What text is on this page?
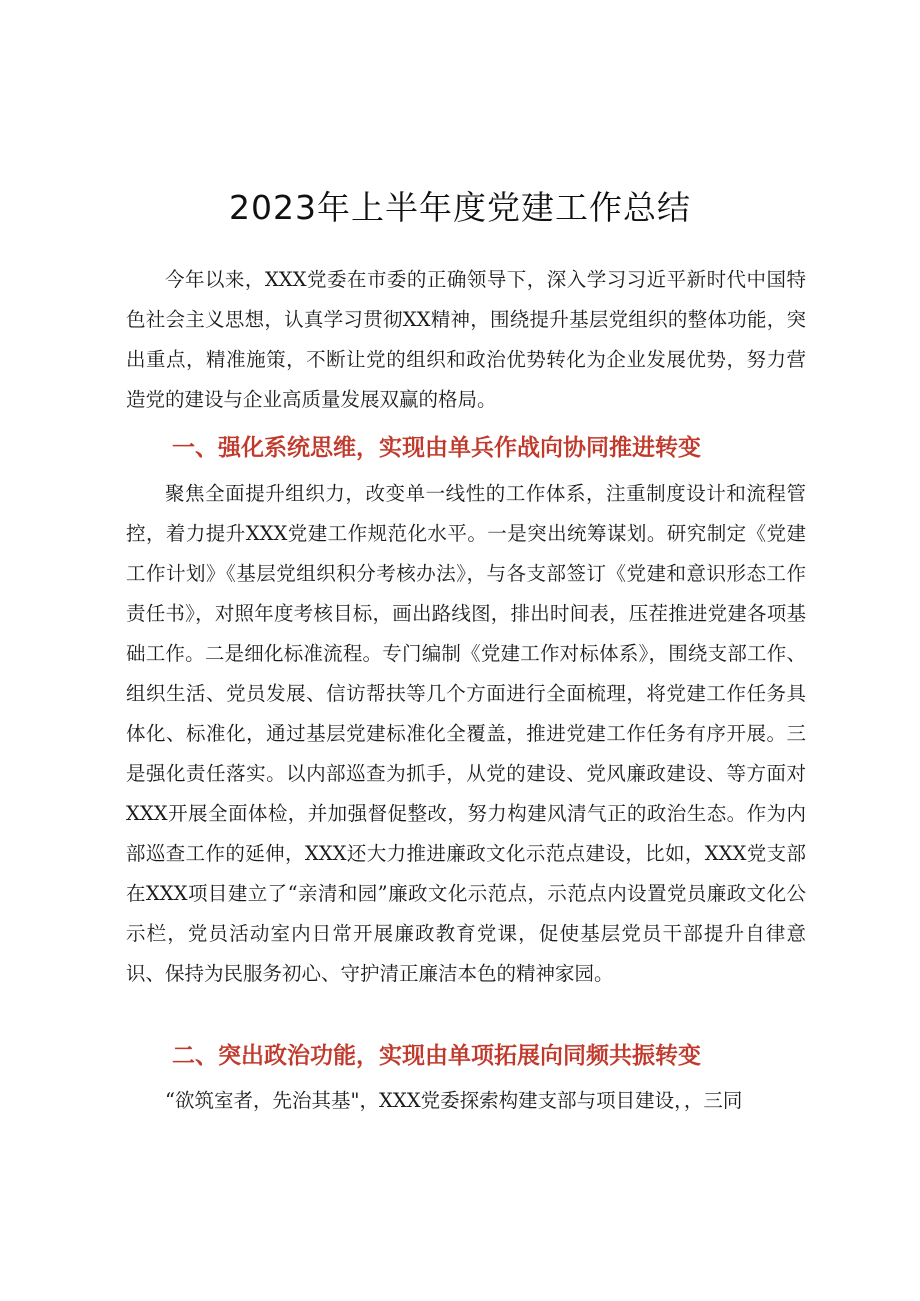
2023年上半年度党建工作总结

今年以来，XXX党委在市委的正确领导下，深入学习习近平新时代中国特色社会主义思想，认真学习贯彻XX精神，围绕提升基层党组织的整体功能，突出重点，精准施策，不断让党的组织和政治优势转化为企业发展优势，努力营造党的建设与企业高质量发展双赢的格局。

一、强化系统思维，实现由单兵作战向协同推进转变

聚焦全面提升组织力，改变单一线性的工作体系，注重制度设计和流程管控，着力提升XXX党建工作规范化水平。一是突出统筹谋划。研究制定《党建工作计划》《基层党组织积分考核办法》，与各支部签订《党建和意识形态工作责任书》，对照年度考核目标，画出路线图，排出时间表，压茬推进党建各项基础工作。二是细化标准流程。专门编制《党建工作对标体系》，围绕支部工作、组织生活、党员发展、信访帮扶等几个方面进行全面梳理，将党建工作任务具体化、标准化，通过基层党建标准化全覆盖，推进党建工作任务有序开展。三是强化责任落实。以内部巡查为抓手，从党的建设、党风廉政建设、等方面对XXX开展全面体检，并加强督促整改，努力构建风清气正的政治生态。作为内部巡查工作的延伸，XXX还大力推进廉政文化示范点建设，比如，XXX党支部在XXX项目建立了“亲清和园”廉政文化示范点，示范点内设置党员廉政文化公示栏，党员活动室内日常开展廉政教育党课，促使基层党员干部提升自律意识、保持为民服务初心、守护清正廉洁本色的精神家园。

二、突出政治功能，实现由单项拓展向同频共振转变

“欲筑室者，先治其基"，XXX党委探索构建支部与项目建设，，三同
